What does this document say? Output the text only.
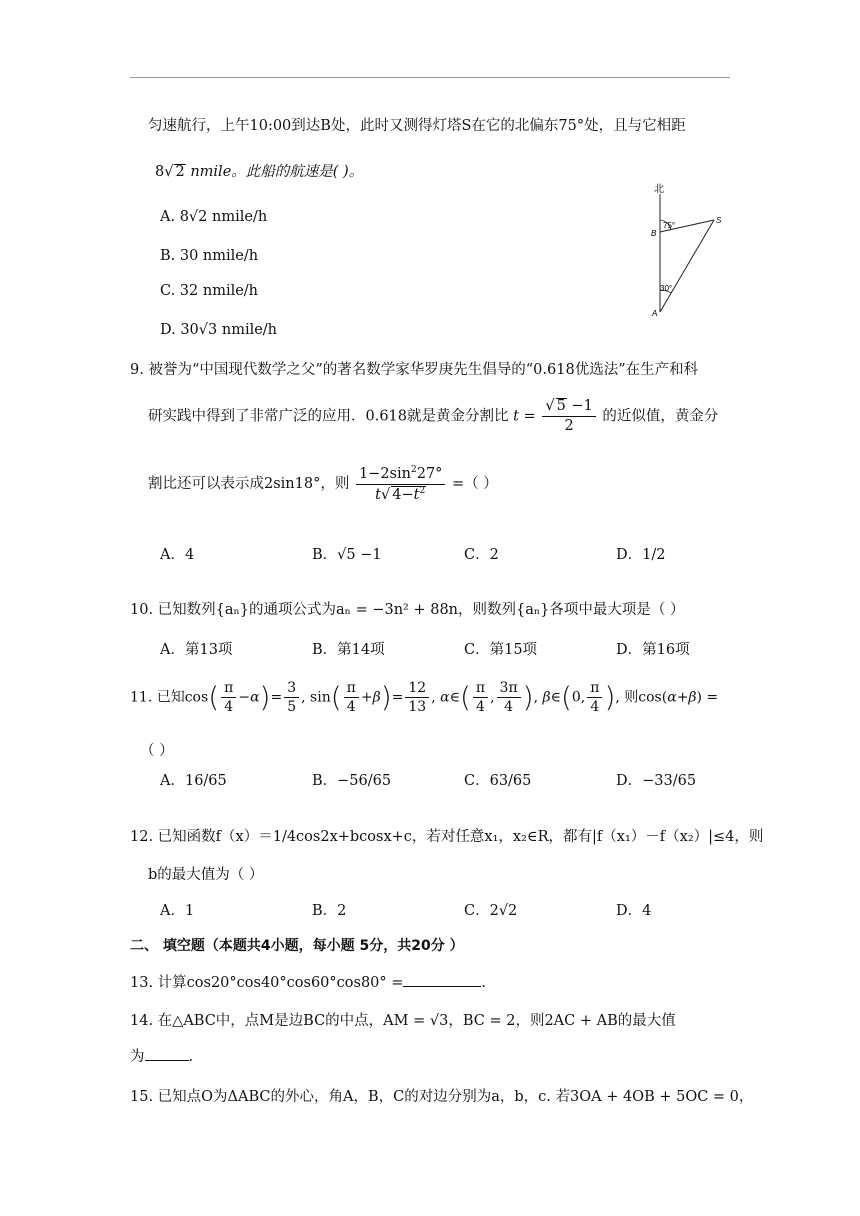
匀速航行，上午10:00到达B处，此时又测得灯塔S在它的北偏东75°处，且与它相距
8√ 2 nmile。此船的航速是( )。
A. 8√2 nmile/h
B. 30 nmile/h
C. 32 nmile/h
D. 30√3 nmile/h
北
75°
30°
B
S
A
9. 被誉为“中国现代数学之父”的著名数学家华罗庚先生倡导的“0.618优选法”在生产和科
研实践中得到了非常广泛的应用．0.618就是黄金分割比 $t = \frac{√ 5 -1}{2}$ 的近似值，黄金分
割比还可以表示成2sin18°，则 $\frac{1-2\sin^227^\circ}{t√ 4-t^2}$ =（ ）
A．4	B．√5 −1	C．2	D．1/2
10. 已知数列{aₙ}的通项公式为aₙ = −3n² + 88n，则数列{aₙ}各项中最大项是（ ）
A．第13项	B．第14项	C．第15项	D．第16项
11. 已知$\cos( \frac{\pi}{4} -\alpha)= \frac{3}{5}$ , $\sin( \frac{\pi}{4} +\beta)= \frac{12}{13}$ , α∈( $\frac{\pi}{4}$ , $\frac{3\pi}{4}$ ), β∈(0, $\frac{\pi}{4}$ ), 则cos(α+β) =
（ ）
A．16/65	B．−56/65	C．63/65	D．−33/65
12. 已知函数f（x）＝1/4cos2x+bcosx+c，若对任意x₁，x₂∈R，都有|f（x₁）－f（x₂）|≤4，则
b的最大值为（ ）
A．1	B．2	C．2√2	D．4
二、 填空题（本题共4小题，每小题 5分，共20分 ）
13. 计算cos20°cos40°cos60°cos80° =	.
14. 在△ABC中，点M是边BC的中点，AM = √3，BC = 2，则2AC + AB的最大值
为	.
15. 已知点O为ΔABC的外心，角A，B，C的对边分别为a，b，c. 若3OA + 4OB + 5OC = 0，
